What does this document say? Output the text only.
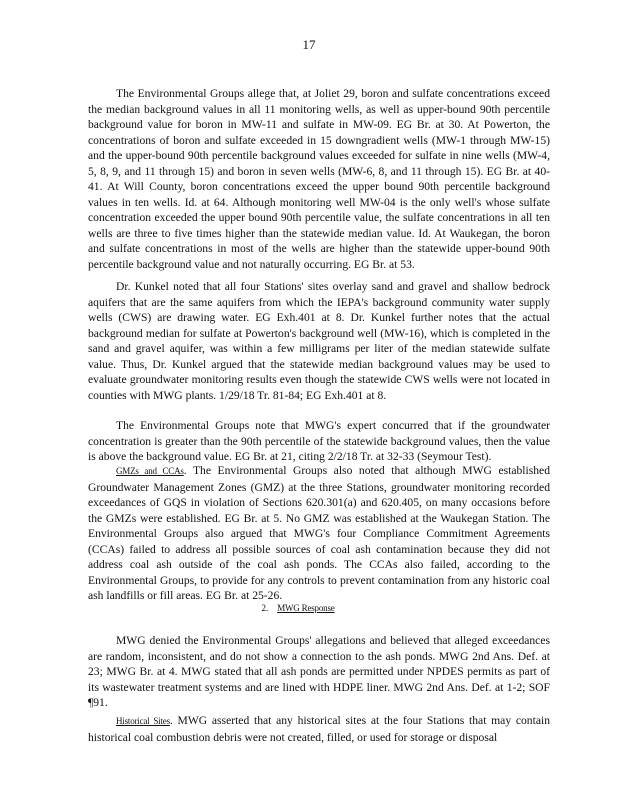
17

The Environmental Groups allege that, at Joliet 29, boron and sulfate concentrations exceed the median background values in all 11 monitoring wells, as well as upper-bound 90th percentile background value for boron in MW-11 and sulfate in MW-09. EG Br. at 30. At Powerton, the concentrations of boron and sulfate exceeded in 15 downgradient wells (MW-1 through MW-15) and the upper-bound 90th percentile background values exceeded for sulfate in nine wells (MW-4, 5, 8, 9, and 11 through 15) and boron in seven wells (MW-6, 8, and 11 through 15). EG Br. at 40-41. At Will County, boron concentrations exceed the upper bound 90th percentile background values in ten wells. Id. at 64. Although monitoring well MW-04 is the only well's whose sulfate concentration exceeded the upper bound 90th percentile value, the sulfate concentrations in all ten wells are three to five times higher than the statewide median value. Id. At Waukegan, the boron and sulfate concentrations in most of the wells are higher than the statewide upper-bound 90th percentile background value and not naturally occurring. EG Br. at 53.

Dr. Kunkel noted that all four Stations' sites overlay sand and gravel and shallow bedrock aquifers that are the same aquifers from which the IEPA's background community water supply wells (CWS) are drawing water. EG Exh.401 at 8. Dr. Kunkel further notes that the actual background median for sulfate at Powerton's background well (MW-16), which is completed in the sand and gravel aquifer, was within a few milligrams per liter of the median statewide sulfate value. Thus, Dr. Kunkel argued that the statewide median background values may be used to evaluate groundwater monitoring results even though the statewide CWS wells were not located in counties with MWG plants. 1/29/18 Tr. 81-84; EG Exh.401 at 8.

The Environmental Groups note that MWG's expert concurred that if the groundwater concentration is greater than the 90th percentile of the statewide background values, then the value is above the background value. EG Br. at 21, citing 2/2/18 Tr. at 32-33 (Seymour Test).

GMZs and CCAs. The Environmental Groups also noted that although MWG established Groundwater Management Zones (GMZ) at the three Stations, groundwater monitoring recorded exceedances of GQS in violation of Sections 620.301(a) and 620.405, on many occasions before the GMZs were established. EG Br. at 5. No GMZ was established at the Waukegan Station. The Environmental Groups also argued that MWG's four Compliance Commitment Agreements (CCAs) failed to address all possible sources of coal ash contamination because they did not address coal ash outside of the coal ash ponds. The CCAs also failed, according to the Environmental Groups, to provide for any controls to prevent contamination from any historic coal ash landfills or fill areas. EG Br. at 25-26.

2. MWG Response

MWG denied the Environmental Groups' allegations and believed that alleged exceedances are random, inconsistent, and do not show a connection to the ash ponds. MWG 2nd Ans. Def. at 23; MWG Br. at 4. MWG stated that all ash ponds are permitted under NPDES permits as part of its wastewater treatment systems and are lined with HDPE liner. MWG 2nd Ans. Def. at 1-2; SOF ¶91.

Historical Sites. MWG asserted that any historical sites at the four Stations that may contain historical coal combustion debris were not created, filled, or used for storage or disposal
